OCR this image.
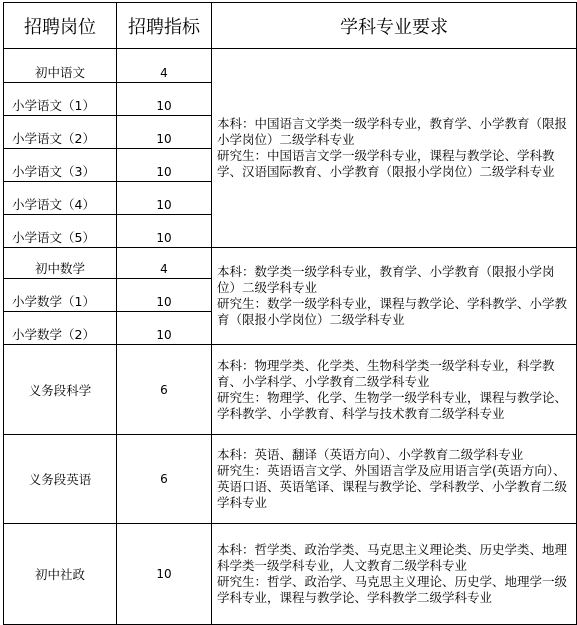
招聘岗位	招聘指标	学科专业要求
初中语文	4	本科：中国语言文学类一级学科专业，教育学、小学教育（限报小学岗位）二级学科专业
研究生：中国语言文学一级学科专业，课程与教学论、学科教学、汉语国际教育、小学教育（限报小学岗位）二级学科专业

小学语文（1）	10	
小学语文（2）	10	
小学语文（3）	10	
小学语文（4）	10	
小学语文（5）	10	
初中数学	4	本科：数学类一级学科专业，教育学、小学教育（限报小学岗位）二级学科专业
研究生：数学一级学科专业，课程与教学论、学科教学、小学教育（限报小学岗位）二级学科专业

小学数学（1）	10	
小学数学（2）	10	
义务段科学	6	本科：物理学类、化学类、生物科学类一级学科专业，科学教育、小学科学、小学教育二级学科专业
研究生：物理学、化学、生物学一级学科专业，课程与教学论、学科教学、小学教育、科学与技术教育二级学科专业

义务段英语	6	本科：英语、翻译（英语方向）、小学教育二级学科专业
研究生：英语语言文学、外国语言学及应用语言学(英语方向）、英语口语、英语笔译、课程与教学论、学科教学、小学教育二级学科专业

初中社政	10	本科：哲学类、政治学类、马克思主义理论类、历史学类、地理科学类一级学科专业，人文教育二级学科专业
研究生：哲学、政治学、马克思主义理论、历史学、地理学一级学科专业，课程与教学论、学科教学二级学科专业
